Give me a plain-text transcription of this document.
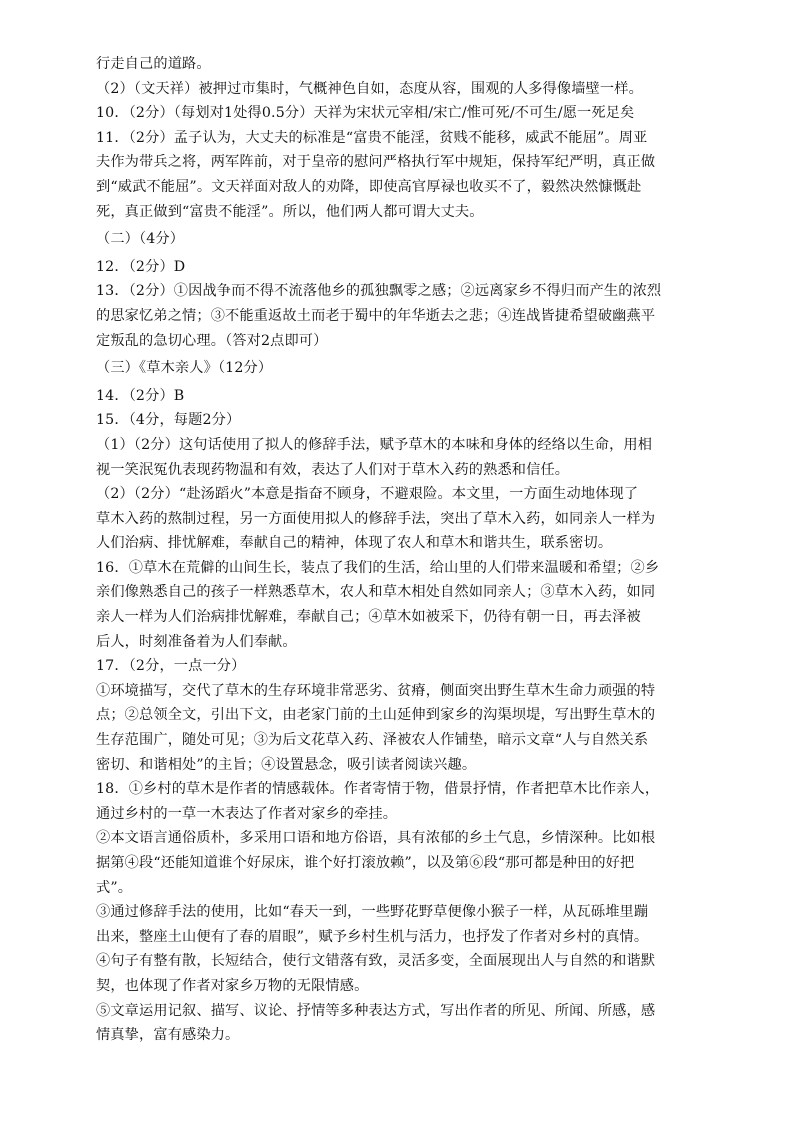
行走自己的道路。
（2）（文天祥）被押过市集时，气概神色自如，态度从容，围观的人多得像墙壁一样。
10．（2分）（每划对1处得0.5分）天祥为宋状元宰相/宋亡/惟可死/不可生/愿一死足矣
11．（2分）孟子认为，大丈夫的标准是“富贵不能淫，贫贱不能移，威武不能屈”。周亚
夫作为带兵之将，两军阵前，对于皇帝的慰问严格执行军中规矩，保持军纪严明，真正做
到“威武不能屈”。文天祥面对敌人的劝降，即使高官厚禄也收买不了，毅然决然慷慨赴
死，真正做到“富贵不能淫”。所以，他们两人都可谓大丈夫。
（二）（4分）
12．（2分）D
13．（2分）①因战争而不得不流落他乡的孤独飘零之感；②远离家乡不得归而产生的浓烈
的思家忆弟之情；③不能重返故土而老于蜀中的年华逝去之悲；④连战皆捷希望破幽燕平
定叛乱的急切心理。（答对2点即可）
（三）《草木亲人》（12分）
14．（2分）B
15．（4分，每题2分）
（1）（2分）这句话使用了拟人的修辞手法，赋予草木的本味和身体的经络以生命，用相
视一笑泯冤仇表现药物温和有效，表达了人们对于草木入药的熟悉和信任。
（2）（2分）“赴汤蹈火”本意是指奋不顾身，不避艰险。本文里，一方面生动地体现了
草木入药的熬制过程，另一方面使用拟人的修辞手法，突出了草木入药，如同亲人一样为
人们治病、排忧解难，奉献自己的精神，体现了农人和草木和谐共生，联系密切。
16．①草木在荒僻的山间生长，装点了我们的生活，给山里的人们带来温暖和希望；②乡
亲们像熟悉自己的孩子一样熟悉草木，农人和草木相处自然如同亲人；③草木入药，如同
亲人一样为人们治病排忧解难，奉献自己；④草木如被采下，仍待有朝一日，再去泽被
后人，时刻准备着为人们奉献。
17．（2分，一点一分）
①环境描写，交代了草木的生存环境非常恶劣、贫瘠，侧面突出野生草木生命力顽强的特
点；②总领全文，引出下文，由老家门前的土山延伸到家乡的沟渠坝堤，写出野生草木的
生存范围广，随处可见；③为后文花草入药、泽被农人作铺垫，暗示文章“人与自然关系
密切、和谐相处”的主旨；④设置悬念，吸引读者阅读兴趣。
18．①乡村的草木是作者的情感载体。作者寄情于物，借景抒情，作者把草木比作亲人，
通过乡村的一草一木表达了作者对家乡的牵挂。
②本文语言通俗质朴，多采用口语和地方俗语，具有浓郁的乡土气息，乡情深种。比如根
据第④段“还能知道谁个好尿床，谁个好打滚放赖”，以及第⑥段“那可都是种田的好把
式”。
③通过修辞手法的使用，比如“春天一到，一些野花野草便像小猴子一样，从瓦砾堆里蹦
出来，整座土山便有了春的眉眼”，赋予乡村生机与活力，也抒发了作者对乡村的真情。
④句子有整有散，长短结合，使行文错落有致，灵活多变，全面展现出人与自然的和谐默
契，也体现了作者对家乡万物的无限情感。
⑤文章运用记叙、描写、议论、抒情等多种表达方式，写出作者的所见、所闻、所感，感
情真挚，富有感染力。
